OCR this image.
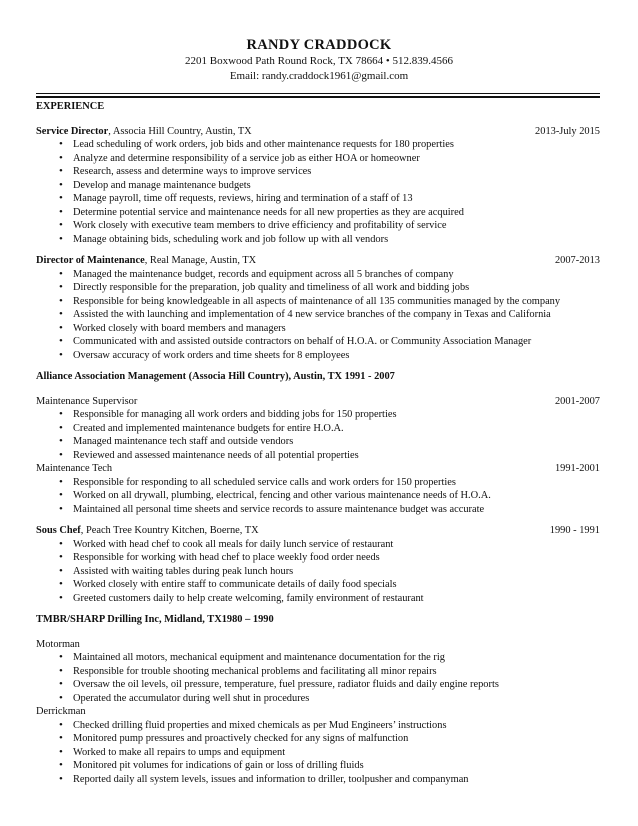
RANDY CRADDOCK
2201 Boxwood Path Round Rock, TX 78664 • 512.839.4566
Email: randy.craddock1961@gmail.com
EXPERIENCE
Service Director, Associa Hill Country, Austin, TX	2013-July 2015
• Lead scheduling of work orders, job bids and other maintenance requests for 180 properties
• Analyze and determine responsibility of a service job as either HOA or homeowner
• Research, assess and determine ways to improve services
• Develop and manage maintenance budgets
• Manage payroll, time off requests, reviews, hiring and termination of a staff of 13
• Determine potential service and maintenance needs for all new properties as they are acquired
• Work closely with executive team members to drive efficiency and profitability of service
• Manage obtaining bids, scheduling work and job follow up with all vendors
Director of Maintenance, Real Manage, Austin, TX	2007-2013
• Managed the maintenance budget, records and equipment across all 5 branches of company
• Directly responsible for the preparation, job quality and timeliness of all work and bidding jobs
• Responsible for being knowledgeable in all aspects of maintenance of all 135 communities managed by the company
• Assisted the with launching and implementation of 4 new service branches of the company in Texas and California
• Worked closely with board members and managers
• Communicated with and assisted outside contractors on behalf of H.O.A. or Community Association Manager
• Oversaw accuracy of work orders and time sheets for 8 employees
Alliance Association Management (Associa Hill Country), Austin, TX 1991 - 2007
Maintenance Supervisor	2001-2007
• Responsible for managing all work orders and bidding jobs for 150 properties
• Created and implemented maintenance budgets for entire H.O.A.
• Managed maintenance tech staff and outside vendors
• Reviewed and assessed maintenance needs of all potential properties
Maintenance Tech	1991-2001
• Responsible for responding to all scheduled service calls and work orders for 150 properties
• Worked on all drywall, plumbing, electrical, fencing and other various maintenance needs of H.O.A.
• Maintained all personal time sheets and service records to assure maintenance budget was accurate
Sous Chef, Peach Tree Kountry Kitchen, Boerne, TX	1990 - 1991
• Worked with head chef to cook all meals for daily lunch service of restaurant
• Responsible for working with head chef to place weekly food order needs
• Assisted with waiting tables during peak lunch hours
• Worked closely with entire staff to communicate details of daily food specials
• Greeted customers daily to help create welcoming, family environment of restaurant
TMBR/SHARP Drilling Inc, Midland, TX1980 – 1990
Motorman
• Maintained all motors, mechanical equipment and maintenance documentation for the rig
• Responsible for trouble shooting mechanical problems and facilitating all minor repairs
• Oversaw the oil levels, oil pressure, temperature, fuel pressure, radiator fluids and daily engine reports
• Operated the accumulator during well shut in procedures
Derrickman
• Checked drilling fluid properties and mixed chemicals as per Mud Engineers’ instructions
• Monitored pump pressures and proactively checked for any signs of malfunction
• Worked to make all repairs to umps and equipment
• Monitored pit volumes for indications of gain or loss of drilling fluids
• Reported daily all system levels, issues and information to driller, toolpusher and companyman
